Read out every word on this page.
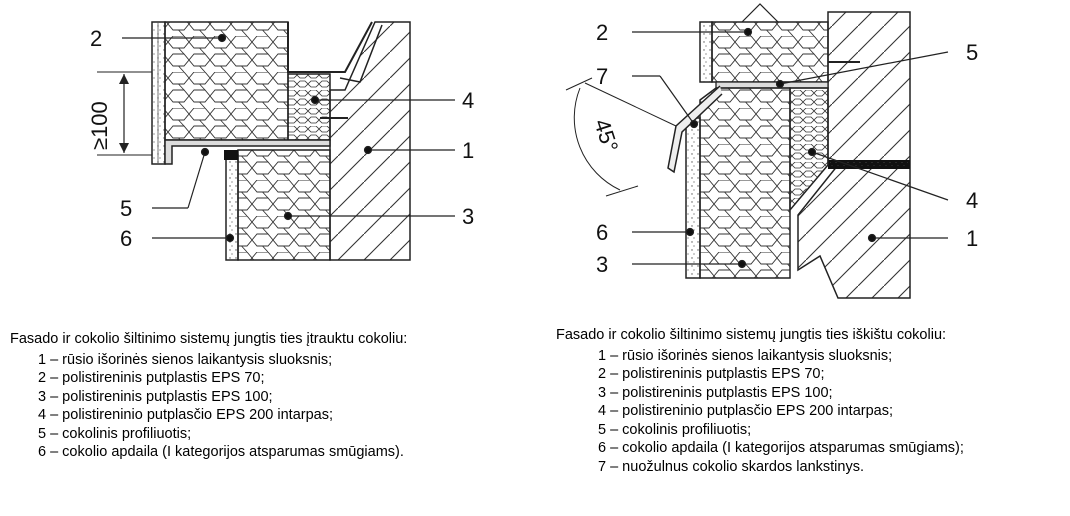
≥100
2
4
1
5	3
6
45°
2
5
7
4
1
6
3
Fasado ir cokolio šiltinimo sistemų jungtis ties įtrauktu cokoliu:
1 – rūsio išorinės sienos laikantysis sluoksnis;
2 – polistireninis putplastis EPS 70;
3 – polistireninis putplastis EPS 100;
4 – polistireninio putplasčio EPS 200 intarpas;
5 – cokolinis profiliuotis;
6 – cokolio apdaila (I kategorijos atsparumas smūgiams).
Fasado ir cokolio šiltinimo sistemų jungtis ties iškištu cokoliu:
1 – rūsio išorinės sienos laikantysis sluoksnis;
2 – polistireninis putplastis EPS 70;
3 – polistireninis putplastis EPS 100;
4 – polistireninio putplasčio EPS 200 intarpas;
5 – cokolinis profiliuotis;
6 – cokolio apdaila (I kategorijos atsparumas smūgiams);
7 – nuožulnus cokolio skardos lankstinys.
